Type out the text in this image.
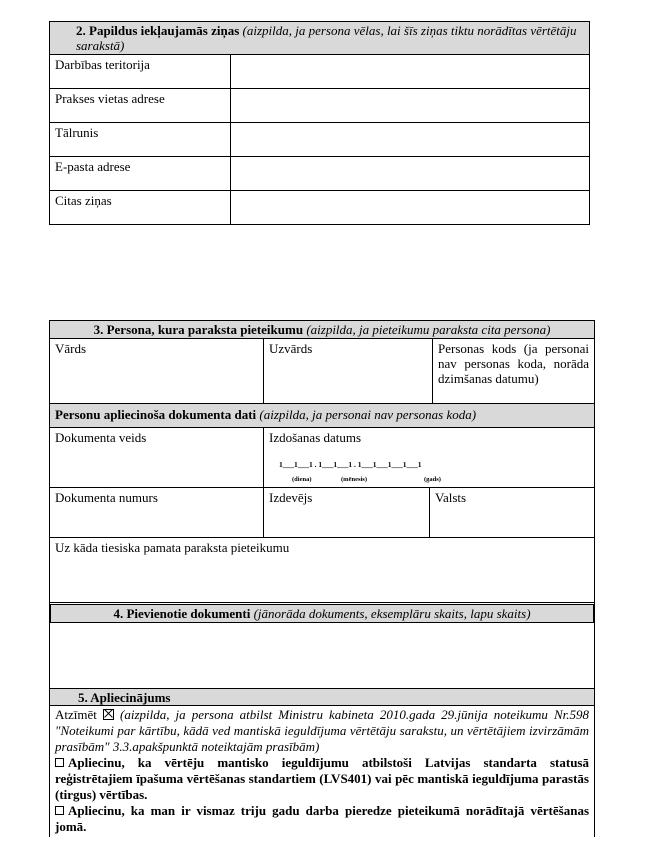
2. Papildus iekļaujamās ziņas (aizpilda, ja persona vēlas, lai šīs ziņas tiktu norādītas vērtētāju sarakstā)	
Darbības teritorija	
Prakses vietas adrese	
Tālrunis	
E-pasta adrese	
Citas ziņas	
3. Persona, kura paraksta pieteikumu (aizpilda, ja pieteikumu paraksta cita persona)			
Vārds	Uzvārds		Personas kods (ja personai nav personas koda, norāda dzimšanas datumu)
Personu apliecinoša dokumenta dati (aizpilda, ja personai nav personas koda)			
Dokumenta veids	Izdošanas datums
1___1___1 . 1___1___1 . 1___1___1___1___1
(diena) (mēnesis) (gads)		

Dokumenta numurs	Izdevējs	Valsts	
Uz kāda tiesiska pamata paraksta pieteikumu			

4. Pievienotie dokumenti (jānorāda dokuments, eksemplāru skaits, lapu skaits)			

5. Apliecinājums			

Atzīmēt (aizpilda, ja persona atbilst Ministru kabineta 2010.gada 29.jūnija noteikumu Nr.598 "Noteikumi par kārtību, kādā ved mantiskā ieguldījuma vērtētāju sarakstu, un vērtētājiem izvirzāmām prasībām" 3.3.apakšpunktā noteiktajām prasībām)
Apliecinu, ka vērtēju mantisko ieguldījumu atbilstoši Latvijas standarta statusā reģistrētajiem īpašuma vērtēšanas standartiem (LVS401) vai pēc mantiskā ieguldījuma parastās (tirgus) vērtības.
Apliecinu, ka man ir vismaz triju gadu darba pieredze pieteikumā norādītajā vērtēšanas jomā.			
